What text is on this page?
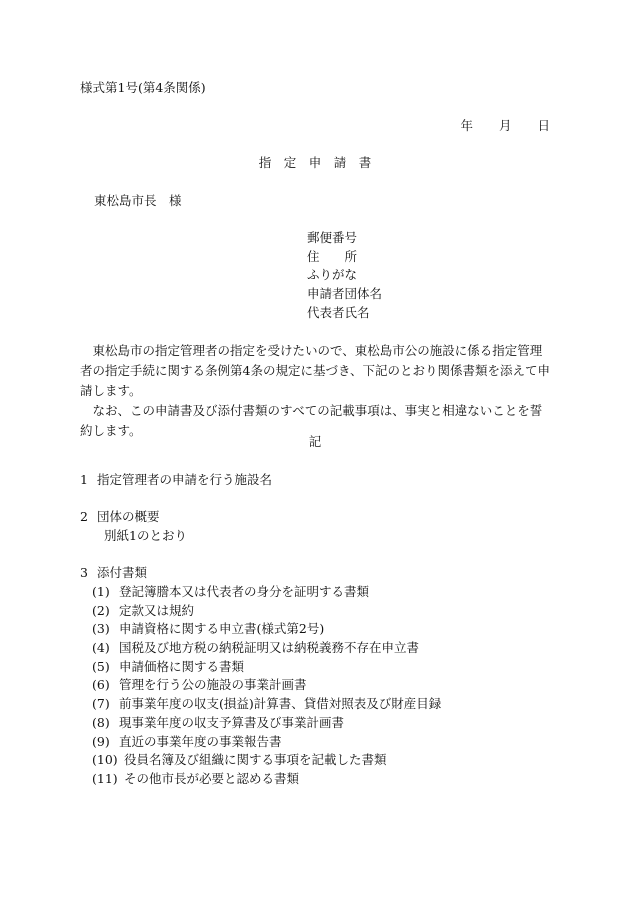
様式第1号(第4条関係)
年 月 日
指　定　申　請　書
東松島市長　様
郵便番号
住　　所
ふりがな
申請者団体名
代表者氏名

東松島市の指定管理者の指定を受けたいので、東松島市公の施設に係る指定管理者の指定手続に関する条例第4条の規定に基づき、下記のとおり関係書類を添えて申請します。

なお、この申請書及び添付書類のすべての記載事項は、事実と相違ないことを誓約します。

記
1 指定管理者の申請を行う施設名
2 団体の概要
別紙1のとおり
3 添付書類
(1) 登記簿謄本又は代表者の身分を証明する書類
(2) 定款又は規約
(3) 申請資格に関する申立書(様式第2号)
(4) 国税及び地方税の納税証明又は納税義務不存在申立書
(5) 申請価格に関する書類
(6) 管理を行う公の施設の事業計画書
(7) 前事業年度の収支(損益)計算書、貸借対照表及び財産目録
(8) 現事業年度の収支予算書及び事業計画書
(9) 直近の事業年度の事業報告書
(10) 役員名簿及び組織に関する事項を記載した書類
(11) その他市長が必要と認める書類
